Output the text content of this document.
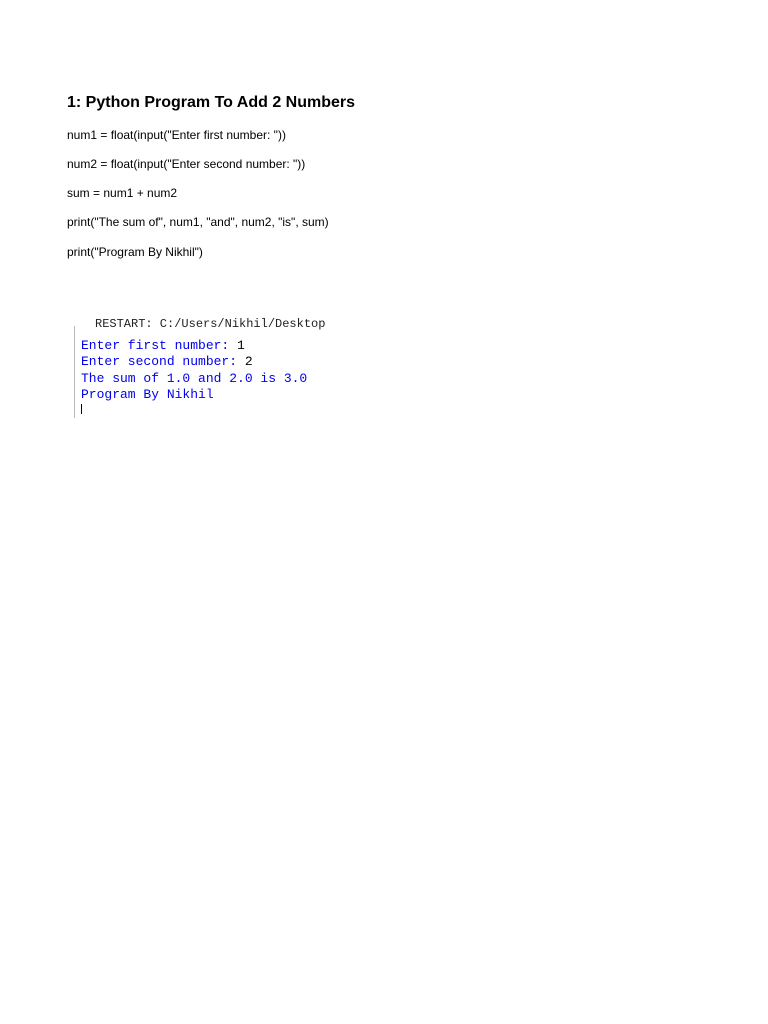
1: Python Program To Add 2 Numbers
num1 = float(input("Enter first number: "))
num2 = float(input("Enter second number: "))
sum = num1 + num2
print("The sum of", num1, "and", num2, "is", sum)
print("Program By Nikhil")
RESTART: C:/Users/Nikhil/Desktop
Enter first number: 1
Enter second number: 2
The sum of 1.0 and 2.0 is 3.0
Program By Nikhil
